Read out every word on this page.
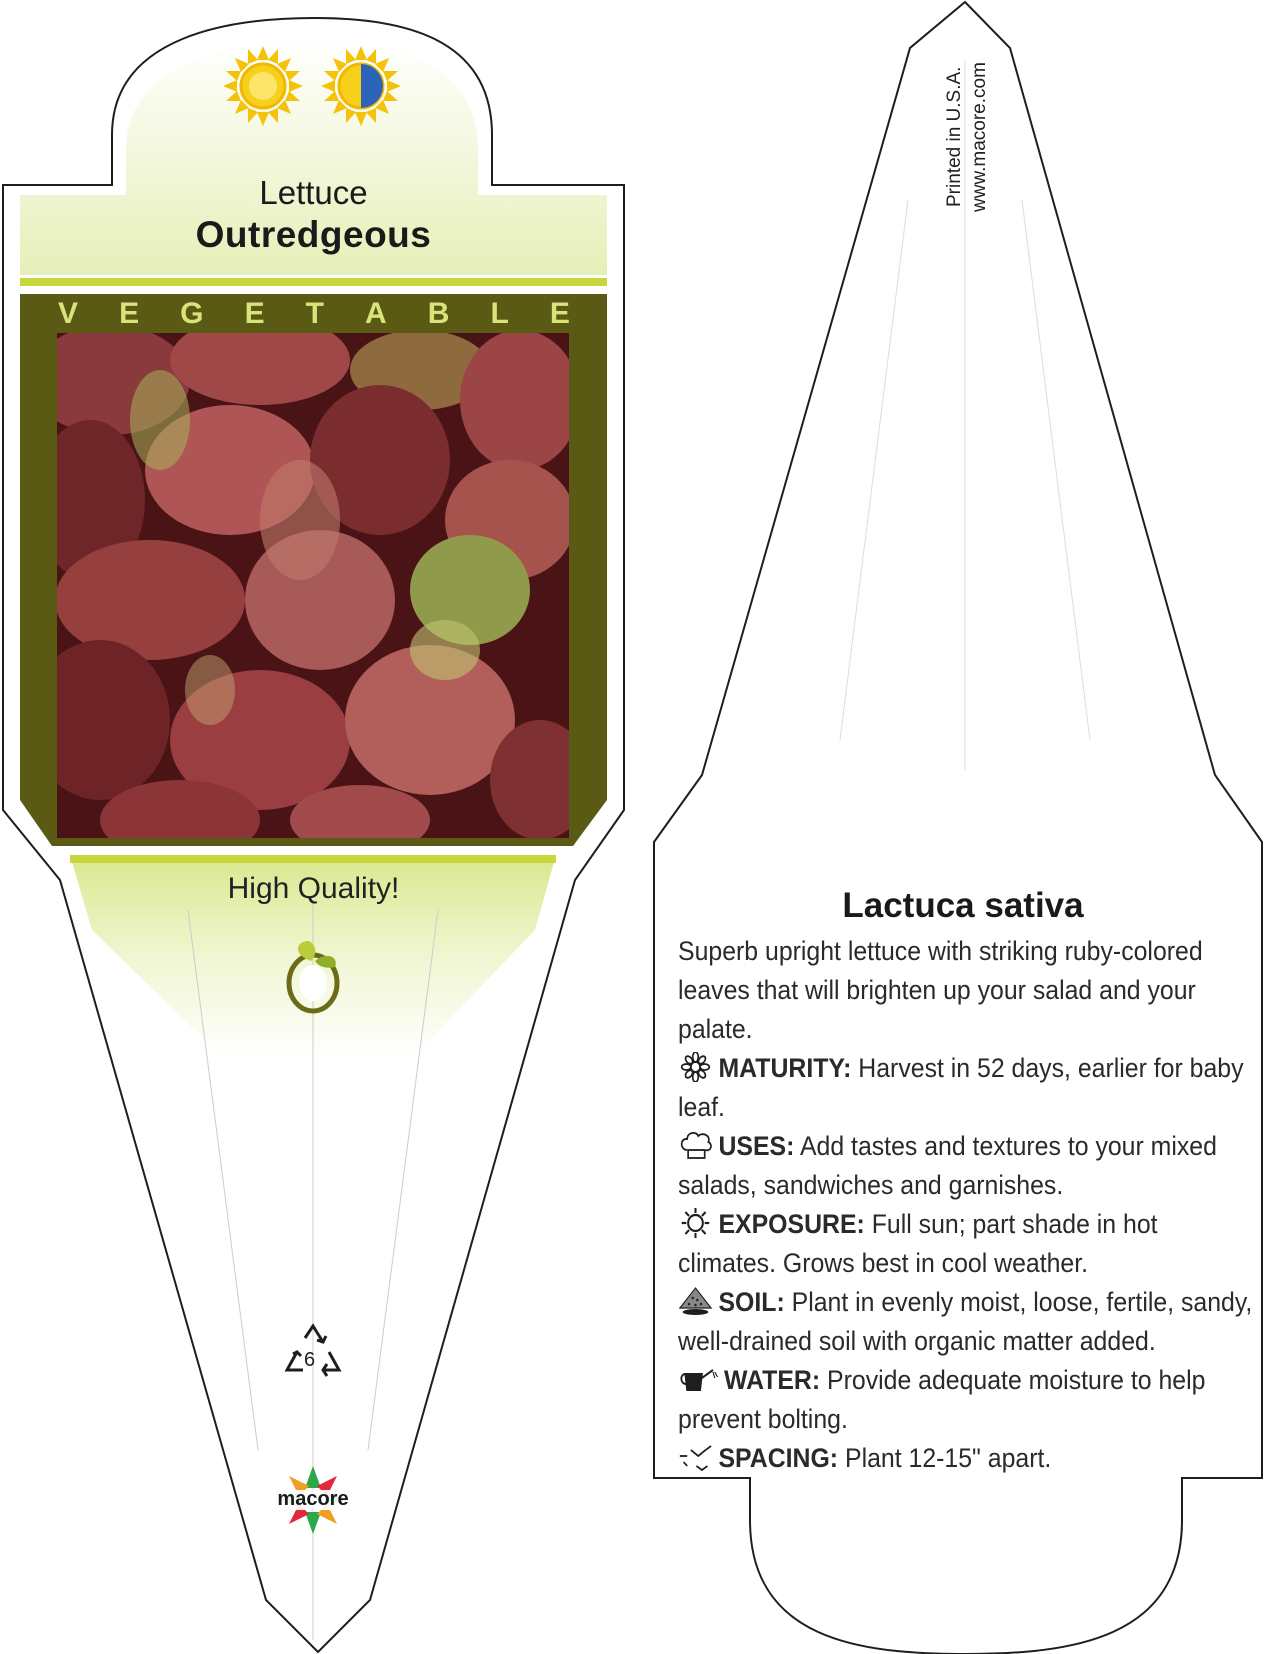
Lettuce

Outredgeous

V E G E T A B L E

High Quality!

6

macore

Printed in U.S.A. www.macore.com

Lactuca sativa

Superb upright lettuce with striking ruby-colored leaves that will brighten up your salad and your palate.

MATURITY: Harvest in 52 days, earlier for baby leaf.

USES: Add tastes and textures to your mixed salads, sandwiches and garnishes.

EXPOSURE: Full sun; part shade in hot climates. Grows best in cool weather.

SOIL: Plant in evenly moist, loose, fertile, sandy, well-drained soil with organic matter added.

WATER: Provide adequate moisture to help prevent bolting.

SPACING: Plant 12-15" apart.
